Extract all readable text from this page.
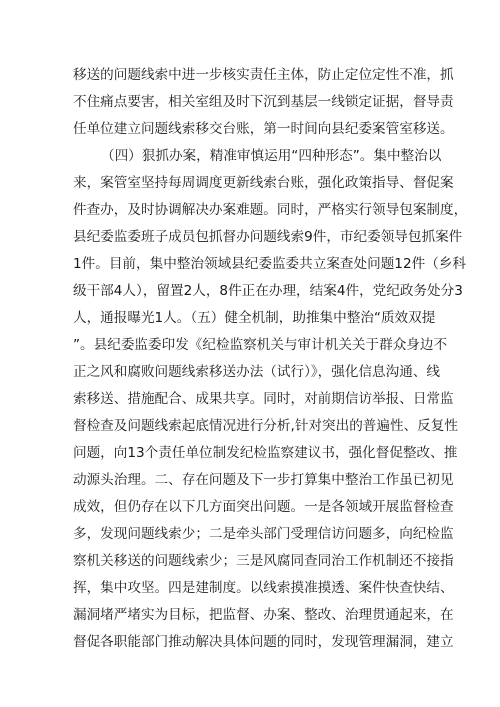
移送的问题线索中进一步核实责任主体，防止定位定性不准，抓
不住痛点要害，相关室组及时下沉到基层一线锁定证据，督导责
任单位建立问题线索移交台账，第一时间向县纪委案管室移送。
（四）狠抓办案，精准审慎运用“四种形态”。集中整治以
来，案管室坚持每周调度更新线索台账，强化政策指导、督促案
件查办，及时协调解决办案难题。同时，严格实行领导包案制度，
县纪委监委班子成员包抓督办问题线索9件，市纪委领导包抓案件
1件。目前，集中整治领域县纪委监委共立案查处问题12件（乡科
级干部4人），留置2人，8件正在办理，结案4件，党纪政务处分3
人，通报曝光1人。（五）健全机制，助推集中整治“质效双提
”。县纪委监委印发《纪检监察机关与审计机关关于群众身边不
正之风和腐败问题线索移送办法（试行）》，强化信息沟通、线
索移送、措施配合、成果共享。同时，对前期信访举报、日常监
督检查及问题线索起底情况进行分析,针对突出的普遍性、反复性
问题，向13个责任单位制发纪检监察建议书，强化督促整改、推
动源头治理。二、存在问题及下一步打算集中整治工作虽已初见
成效，但仍存在以下几方面突出问题。一是各领域开展监督检查
多，发现问题线索少；二是牵头部门受理信访问题多，向纪检监
察机关移送的问题线索少；三是风腐同查同治工作机制还不接指
挥，集中攻坚。四是建制度。以线索摸准摸透、案件快查快结、
漏洞堵严堵实为目标，把监督、办案、整改、治理贯通起来，在
督促各职能部门推动解决具体问题的同时，发现管理漏洞，建立
